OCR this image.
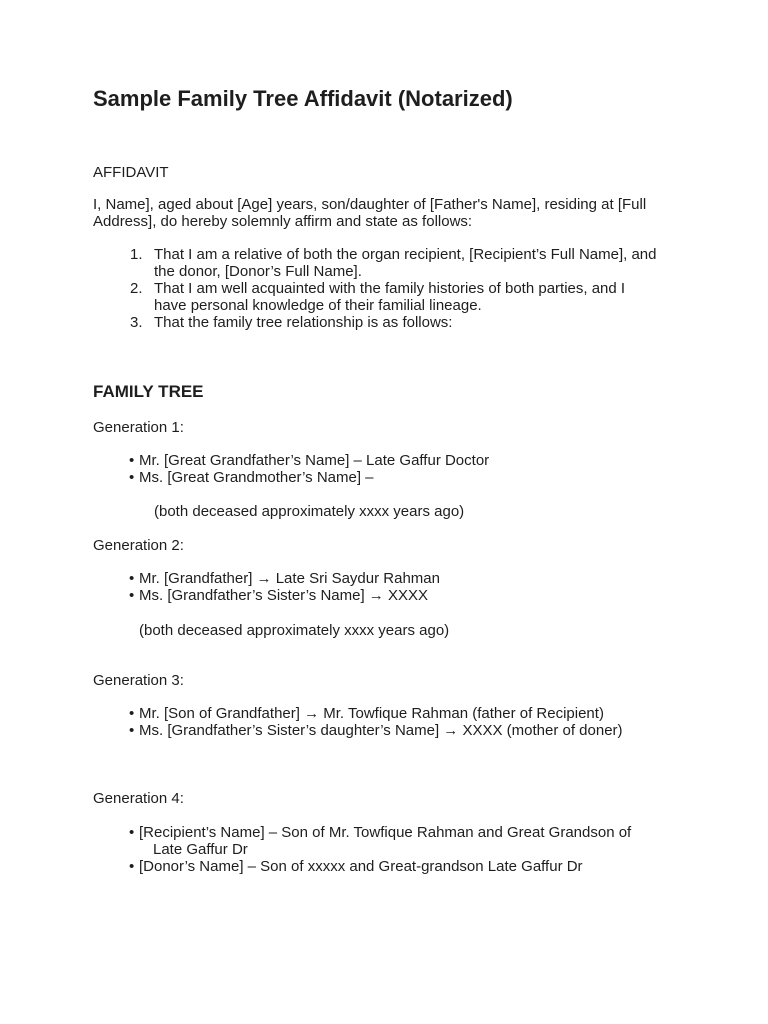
Sample Family Tree Affidavit (Notarized)

AFFIDAVIT

I, Name], aged about [Age] years, son/daughter of [Father's Name], residing at [Full Address], do hereby solemnly affirm and state as follows:

1. That I am a relative of both the organ recipient, [Recipient’s Full Name], and
the donor, [Donor’s Full Name].
2. That I am well acquainted with the family histories of both parties, and I
have personal knowledge of their familial lineage.
3. That the family tree relationship is as follows:
FAMILY TREE

Generation 1:

• Mr. [Great Grandfather’s Name] – Late Gaffur Doctor
• Ms. [Great Grandmother’s Name] –

(both deceased approximately xxxx years ago)

Generation 2:

• Mr. [Grandfather] → Late Sri Saydur Rahman
• Ms. [Grandfather’s Sister’s Name] → XXXX

(both deceased approximately xxxx years ago)

Generation 3:

• Mr. [Son of Grandfather] → Mr. Towfique Rahman (father of Recipient)
• Ms. [Grandfather’s Sister’s daughter’s Name] → XXXX (mother of doner)

Generation 4:

• [Recipient’s Name] – Son of Mr. Towfique Rahman and Great Grandson of
Late Gaffur Dr
• [Donor’s Name] – Son of xxxxx and Great-grandson Late Gaffur Dr
